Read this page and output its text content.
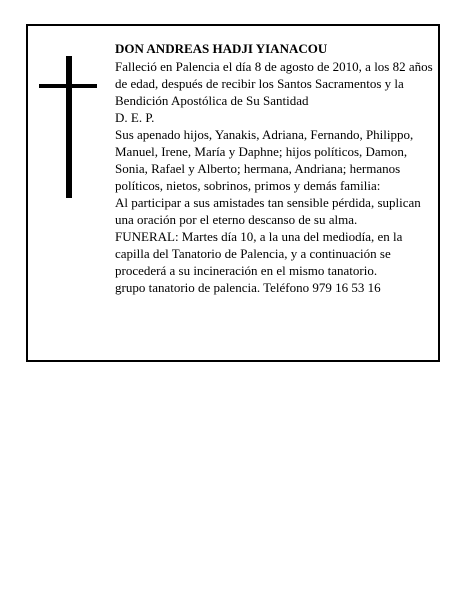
DON ANDREAS HADJI YIANACOU

Falleció en Palencia el día 8 de agosto de 2010, a los 82 años de edad, después de recibir los Santos Sacramentos y la Bendición Apostólica de Su Santidad

D. E. P.

Sus apenado hijos, Yanakis, Adriana, Fernando, Philippo, Manuel, Irene, María y Daphne; hijos políticos, Damon, Sonia, Rafael y Alberto; hermana, Andriana; hermanos políticos, nietos, sobrinos, primos y demás familia:

Al participar a sus amistades tan sensible pérdida, suplican una oración por el eterno descanso de su alma.

FUNERAL: Martes día 10, a la una del mediodía, en la capilla del Tanatorio de Palencia, y a continuación se procederá a su incineración en el mismo tanatorio.

grupo tanatorio de palencia. Teléfono 979 16 53 16
